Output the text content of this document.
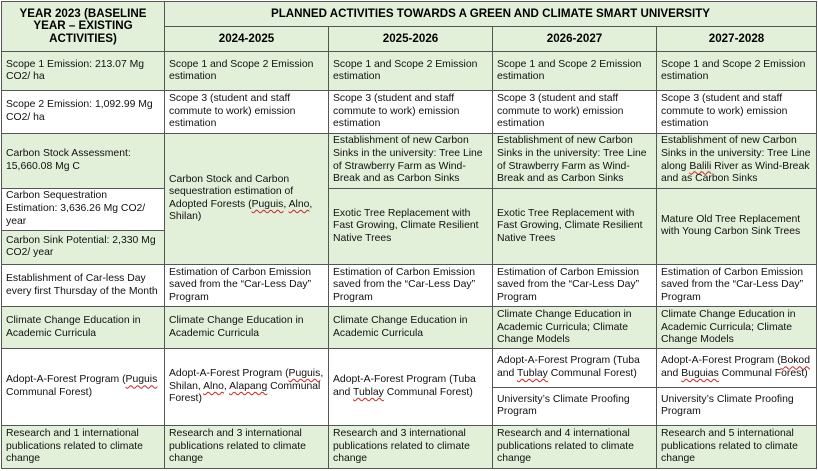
YEAR 2023 (BASELINE YEAR – EXISTING ACTIVITIES)	PLANNED ACTIVITIES TOWARDS A GREEN AND CLIMATE SMART UNIVERSITY			
	2024-2025	2025-2026	2026-2027	2027-2028
Scope 1 Emission: 213.07 Mg CO2/ ha	Scope 1 and Scope 2 Emission estimation	Scope 1 and Scope 2 Emission estimation	Scope 1 and Scope 2 Emission estimation	Scope 1 and Scope 2 Emission estimation
Scope 2 Emission: 1,092.99 Mg CO2/ ha	Scope 3 (student and staff commute to work) emission estimation	Scope 3 (student and staff commute to work) emission estimation	Scope 3 (student and staff commute to work) emission estimation	Scope 3 (student and staff commute to work) emission estimation
Carbon Stock Assessment: 15,660.08 Mg C	Carbon Stock and Carbon sequestration estimation of Adopted Forests (Puguis, Alno, Shilan)	Establishment of new Carbon Sinks in the university: Tree Line of Strawberry Farm as Wind-Break and as Carbon Sinks	Establishment of new Carbon Sinks in the university: Tree Line of Strawberry Farm as Wind-Break and as Carbon Sinks	Establishment of new Carbon Sinks in the university: Tree Line along Balili River as Wind-Break and as Carbon Sinks
Carbon Sequestration Estimation: 3,636.26 Mg CO2/ year		Exotic Tree Replacement with Fast Growing, Climate Resilient Native Trees	Exotic Tree Replacement with Fast Growing, Climate Resilient Native Trees	Mature Old Tree Replacement with Young Carbon Sink Trees
Carbon Sink Potential: 2,330 Mg CO2/ year				
Establishment of Car-less Day every first Thursday of the Month	Estimation of Carbon Emission saved from the “Car-Less Day” Program	Estimation of Carbon Emission saved from the “Car-Less Day” Program	Estimation of Carbon Emission saved from the “Car-Less Day” Program	Estimation of Carbon Emission saved from the “Car-Less Day” Program
Climate Change Education in Academic Curricula	Climate Change Education in Academic Curricula	Climate Change Education in Academic Curricula	Climate Change Education in Academic Curricula; Climate Change Models	Climate Change Education in Academic Curricula; Climate Change Models
Adopt-A-Forest Program (Puguis Communal Forest)	Adopt-A-Forest Program (Puguis, Shilan, Alno, Alapang Communal Forest)	Adopt-A-Forest Program (Tuba and Tublay Communal Forest)	Adopt-A-Forest Program (Tuba and Tublay Communal Forest)	Adopt-A-Forest Program (Bokod and Buguias Communal Forest)
			University’s Climate Proofing Program	University’s Climate Proofing Program
Research and 1 international publications related to climate change	Research and 3 international publications related to climate change	Research and 3 international publications related to climate change	Research and 4 international publications related to climate change	Research and 5 international publications related to climate change
